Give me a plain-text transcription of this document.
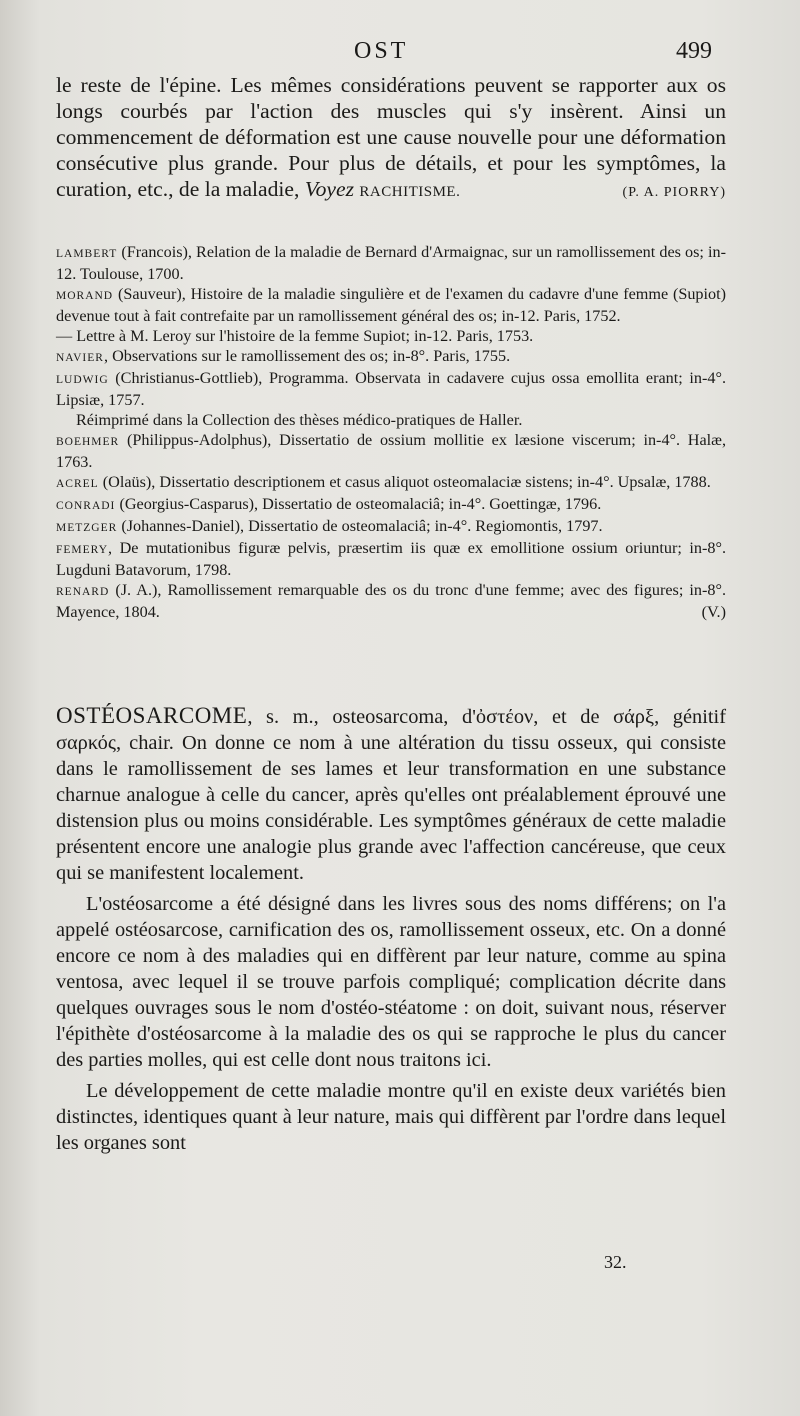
OST	499
le reste de l'épine. Les mêmes considérations peuvent se rapporter aux os longs courbés par l'action des muscles qui s'y insèrent. Ainsi un commencement de déformation est une cause nouvelle pour une déformation consécutive plus grande. Pour plus de détails, et pour les symptômes, la curation, etc., de la maladie, Voyez RACHITISME.	(P. A. PIORRY)

LAMBERT (Francois), Relation de la maladie de Bernard d'Armaignac, sur un ramollissement des os; in-12. Toulouse, 1700.

MORAND (Sauveur), Histoire de la maladie singulière et de l'examen du cadavre d'une femme (Supiot) devenue tout à fait contrefaite par un ramollissement général des os; in-12. Paris, 1752.

— Lettre à M. Leroy sur l'histoire de la femme Supiot; in-12. Paris, 1753.

NAVIER, Observations sur le ramollissement des os; in-8°. Paris, 1755.

LUDWIG (Christianus-Gottlieb), Programma. Observata in cadavere cujus ossa emollita erant; in-4°. Lipsiæ, 1757.

Réimprimé dans la Collection des thèses médico-pratiques de Haller.

BOEHMER (Philippus-Adolphus), Dissertatio de ossium mollitie ex læsione viscerum; in-4°. Halæ, 1763.

ACREL (Olaüs), Dissertatio descriptionem et casus aliquot osteomalaciæ sistens; in-4°. Upsalæ, 1788.

CONRADI (Georgius-Casparus), Dissertatio de osteomalaciâ; in-4°. Goettingæ, 1796.

METZGER (Johannes-Daniel), Dissertatio de osteomalaciâ; in-4°. Regiomontis, 1797.

FEMERY, De mutationibus figuræ pelvis, præsertim iis quæ ex emollitione ossium oriuntur; in-8°. Lugduni Batavorum, 1798.

RENARD (J. A.), Ramollissement remarquable des os du tronc d'une femme; avec des figures; in-8°. Mayence, 1804.	(V.)

OSTÉOSARCOME, s. m., osteosarcoma, d'ὀστέον, et de σάρξ, génitif σαρκός, chair. On donne ce nom à une altération du tissu osseux, qui consiste dans le ramollissement de ses lames et leur transformation en une substance charnue analogue à celle du cancer, après qu'elles ont préalablement éprouvé une distension plus ou moins considérable. Les symptômes généraux de cette maladie présentent encore une analogie plus grande avec l'affection cancéreuse, que ceux qui se manifestent localement.

L'ostéosarcome a été désigné dans les livres sous des noms différens; on l'a appelé ostéosarcose, carnification des os, ramollissement osseux, etc. On a donné encore ce nom à des maladies qui en diffèrent par leur nature, comme au spina ventosa, avec lequel il se trouve parfois compliqué; complication décrite dans quelques ouvrages sous le nom d'ostéo-stéatome : on doit, suivant nous, réserver l'épithète d'ostéosarcome à la maladie des os qui se rapproche le plus du cancer des parties molles, qui est celle dont nous traitons ici.

Le développement de cette maladie montre qu'il en existe deux variétés bien distinctes, identiques quant à leur nature, mais qui diffèrent par l'ordre dans lequel les organes sont

32.
